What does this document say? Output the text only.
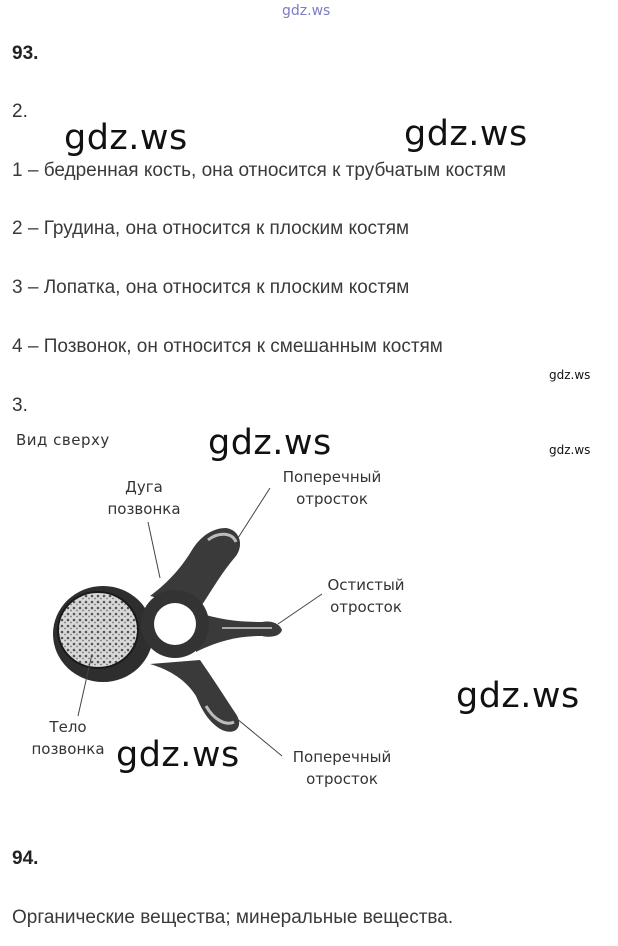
gdz.ws
93.
2.
1 – бедренная кость, она относится к трубчатым костям
2 – Грудина, она относится к плоским костям
3 – Лопатка, она относится к плоским костям
4 – Позвонок, он относится к смешанным костям
3.
gdz.ws	gdz.ws
gdz.ws
gdz.ws
gdz.ws
gdz.ws
gdz.ws
Вид сверху
Дуга
позвонка
Поперечный
отросток
Остистый
отросток
Тело
позвонка	Поперечный
отросток
94.
Органические вещества; минеральные вещества.
